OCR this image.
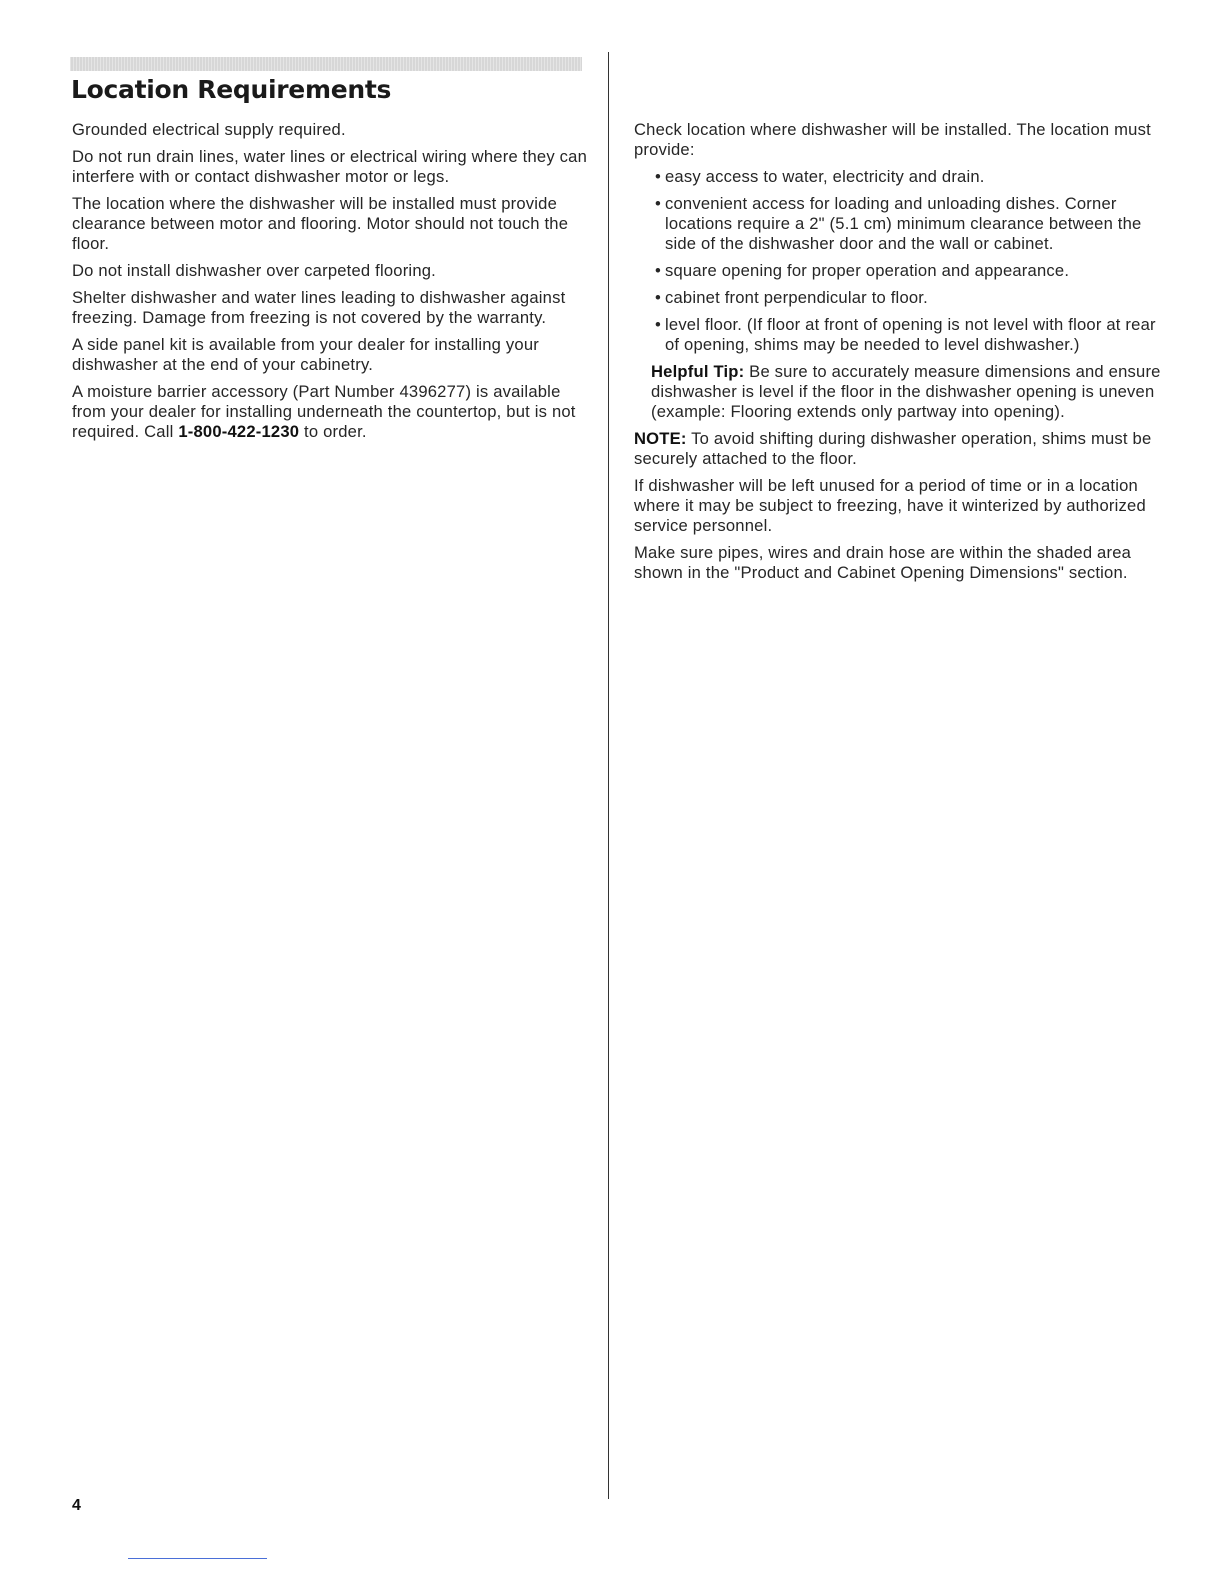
Location Requirements

Grounded electrical supply required.

Do not run drain lines, water lines or electrical wiring where they can interfere with or contact dishwasher motor or legs.

The location where the dishwasher will be installed must provide clearance between motor and flooring. Motor should not touch the floor.

Do not install dishwasher over carpeted flooring.

Shelter dishwasher and water lines leading to dishwasher against freezing. Damage from freezing is not covered by the warranty.

A side panel kit is available from your dealer for installing your dishwasher at the end of your cabinetry.

A moisture barrier accessory (Part Number 4396277) is available from your dealer for installing underneath the countertop, but is not required. Call 1-800-422-1230 to order.

Check location where dishwasher will be installed. The location must provide:

• easy access to water, electricity and drain.
• convenient access for loading and unloading dishes. Corner locations require a 2" (5.1 cm) minimum clearance between the side of the dishwasher door and the wall or cabinet.
• square opening for proper operation and appearance.
• cabinet front perpendicular to floor.
• level floor. (If floor at front of opening is not level with floor at rear of opening, shims may be needed to level dishwasher.)

Helpful Tip: Be sure to accurately measure dimensions and ensure dishwasher is level if the floor in the dishwasher opening is uneven (example: Flooring extends only partway into opening).

NOTE: To avoid shifting during dishwasher operation, shims must be securely attached to the floor.

If dishwasher will be left unused for a period of time or in a location where it may be subject to freezing, have it winterized by authorized service personnel.

Make sure pipes, wires and drain hose are within the shaded area shown in the "Product and Cabinet Opening Dimensions" section.

4
